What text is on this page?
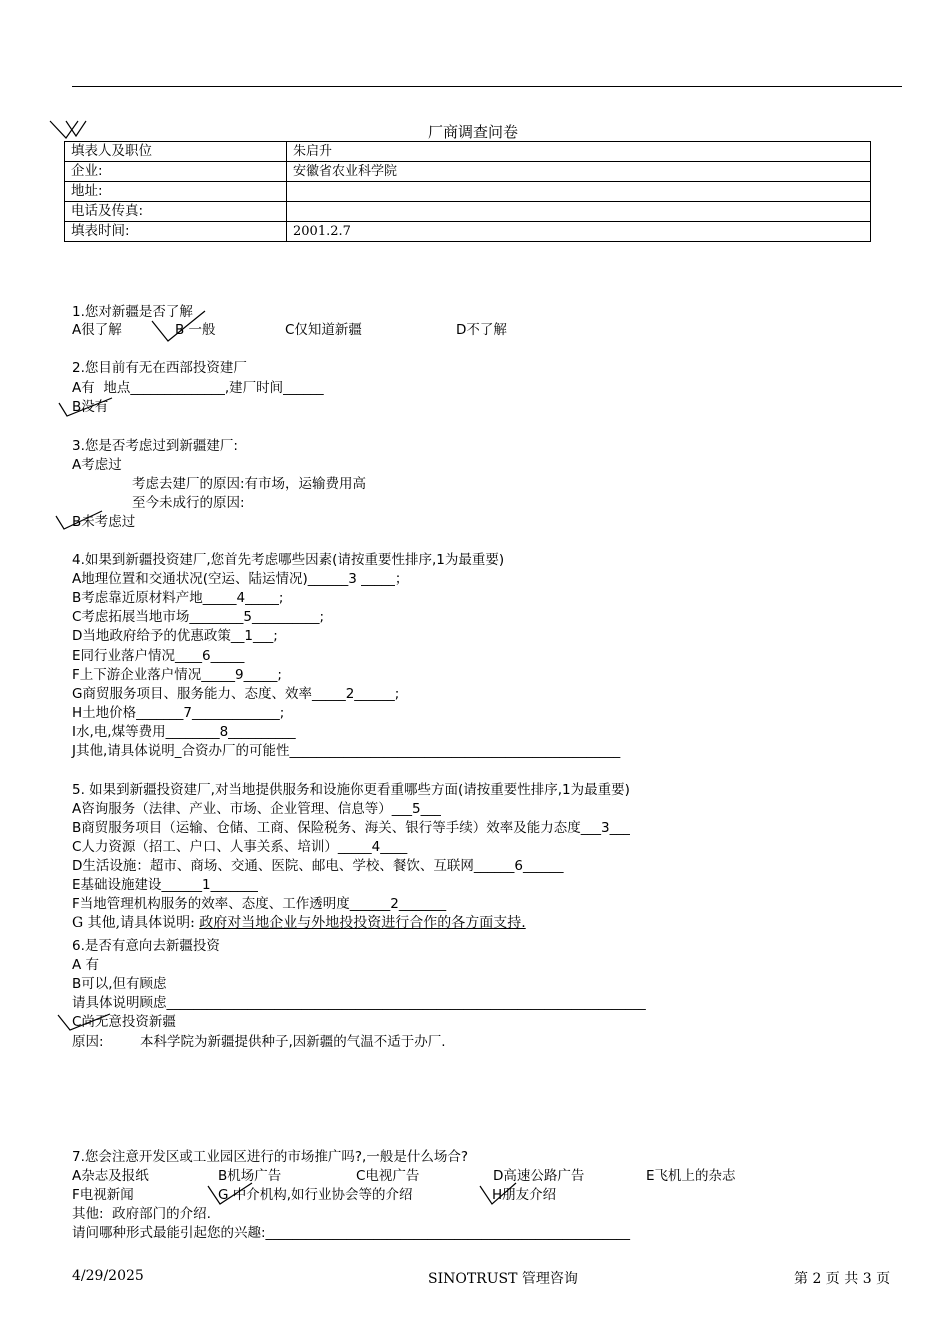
厂商调查问卷
填表人及职位	朱启升
企业:	安徽省农业科学院
地址:	
电话及传真:	
填表时间:	2001.2.7
1.您对新疆是否了解
A很了解	B 一般	C仅知道新疆	D不了解
2.您目前有无在西部投资建厂
A有  地点______________,建厂时间______
B没有
3.您是否考虑过到新疆建厂:
A考虑过
考虑去建厂的原因:有市场，运输费用高
至今未成行的原因:
B未考虑过
4.如果到新疆投资建厂,您首先考虑哪些因素(请按重要性排序,1为最重要)
A地理位置和交通状况(空运、陆运情况)______3 _____；
B考虑靠近原材料产地_____4_____;
C考虑拓展当地市场________5__________;
D当地政府给予的优惠政策__1___;
E同行业落户情况____6_____
F上下游企业落户情况_____9_____;
G商贸服务项目、服务能力、态度、效率_____2______;
H土地价格_______7_____________;
I水,电,煤等费用________8__________
J其他,请具体说明_合资办厂的可能性_________________________________________________
5. 如果到新疆投资建厂,对当地提供服务和设施你更看重哪些方面(请按重要性排序,1为最重要)
A咨询服务（法律、产业、市场、企业管理、信息等）___5___
B商贸服务项目（运输、仓储、工商、保险税务、海关、银行等手续）效率及能力态度___3___
C人力资源（招工、户口、人事关系、培训）_____4____
D生活设施：超市、商场、交通、医院、邮电、学校、餐饮、互联网______6______
E基础设施建设______1_______
F当地管理机构服务的效率、态度、工作透明度______2_______
G 其他,请具体说明: 政府对当地企业与外地投投资进行合作的各方面支持.
6.是否有意向去新疆投资
A 有
B可以,但有顾虑
请具体说明顾虑_______________________________________________________________________
C尚无意投资新疆
原因:	本科学院为新疆提供种子,因新疆的气温不适于办厂.
7.您会注意开发区或工业园区进行的市场推广吗?,一般是什么场合?
A杂志及报纸	B机场广告	C电视广告	D高速公路广告	E飞机上的杂志
F电视新闻	G 中介机构,如行业协会等的介绍	H朋友介绍
其他:  政府部门的介绍.
请问哪种形式最能引起您的兴趣:______________________________________________________
4/29/2025	SINOTRUST 管理咨询	第 2 页 共 3 页
